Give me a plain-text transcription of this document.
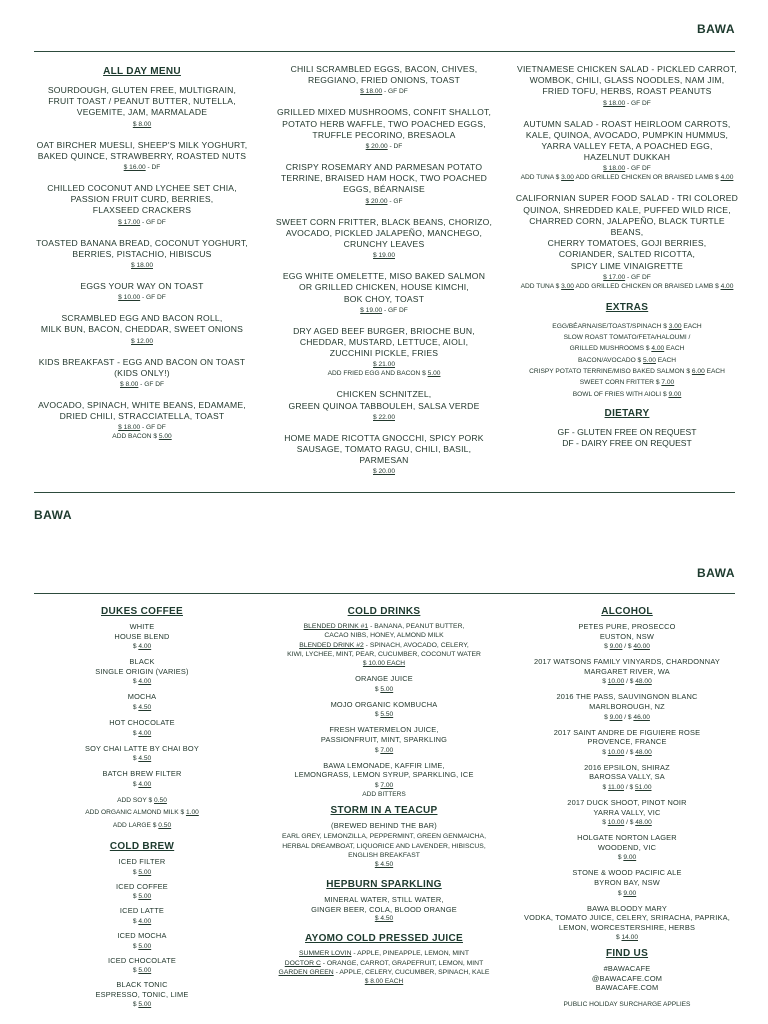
BAWA
ALL DAY MENU
SOURDOUGH, GLUTEN FREE, MULTIGRAIN,
FRUIT TOAST / PEANUT BUTTER, NUTELLA,
VEGEMITE, JAM, MARMALADE
$ 8.00
OAT BIRCHER MUESLI, SHEEP'S MILK YOGHURT,
BAKED QUINCE, STRAWBERRY, ROASTED NUTS
$ 16.00 - DF
CHILLED COCONUT AND LYCHEE SET CHIA,
PASSION FRUIT CURD, BERRIES,
FLAXSEED CRACKERS
$ 17.00 - GF DF
TOASTED BANANA BREAD, COCONUT YOGHURT,
BERRIES, PISTACHIO, HIBISCUS
$ 18.00
EGGS YOUR WAY ON TOAST
$ 10.00 - GF DF
SCRAMBLED EGG AND BACON ROLL,
MILK BUN, BACON, CHEDDAR, SWEET ONIONS
$ 12.00
KIDS BREAKFAST - EGG AND BACON ON TOAST
(KIDS ONLY!)
$ 8.00 - GF DF
AVOCADO, SPINACH, WHITE BEANS, EDAMAME,
DRIED CHILI, STRACCIATELLA, TOAST
$ 18.00 - GF DF
ADD BACON $ 5.00
CHILI SCRAMBLED EGGS, BACON, CHIVES,
REGGIANO, FRIED ONIONS, TOAST
$ 18.00 - GF DF
GRILLED MIXED MUSHROOMS, CONFIT SHALLOT,
POTATO HERB WAFFLE, TWO POACHED EGGS,
TRUFFLE PECORINO, BRESAOLA
$ 20.00 - DF
CRISPY ROSEMARY AND PARMESAN POTATO
TERRINE, BRAISED HAM HOCK, TWO POACHED
EGGS, BÉARNAISE
$ 20.00 - GF
SWEET CORN FRITTER, BLACK BEANS, CHORIZO,
AVOCADO, PICKLED JALAPEÑO, MANCHEGO,
CRUNCHY LEAVES
$ 19.00
EGG WHITE OMELETTE, MISO BAKED SALMON
OR GRILLED CHICKEN, HOUSE KIMCHI,
BOK CHOY, TOAST
$ 19.00 - GF DF
DRY AGED BEEF BURGER, BRIOCHE BUN,
CHEDDAR, MUSTARD, LETTUCE, AIOLI,
ZUCCHINI PICKLE, FRIES
$ 21.00
ADD FRIED EGG AND BACON $ 5.00
CHICKEN SCHNITZEL,
GREEN QUINOA TABBOULEH, SALSA VERDE
$ 22.00
HOME MADE RICOTTA GNOCCHI, SPICY PORK
SAUSAGE, TOMATO RAGU, CHILI, BASIL, PARMESAN
$ 20.00
VIETNAMESE CHICKEN SALAD - PICKLED CARROT,
WOMBOK, CHILI, GLASS NOODLES, NAM JIM,
FRIED TOFU, HERBS, ROAST PEANUTS
$ 18.00 - GF DF
AUTUMN SALAD - ROAST HEIRLOOM CARROTS,
KALE, QUINOA, AVOCADO, PUMPKIN HUMMUS,
YARRA VALLEY FETA, A POACHED EGG,
HAZELNUT DUKKAH
$ 18.00 - GF DF
ADD TUNA $ 3.00 ADD GRILLED CHICKEN OR BRAISED LAMB $ 4.00
CALIFORNIAN SUPER FOOD SALAD - TRI COLORED
QUINOA, SHREDDED KALE, PUFFED WILD RICE,
CHARRED CORN, JALAPEÑO, BLACK TURTLE BEANS,
CHERRY TOMATOES, GOJI BERRIES,
CORIANDER, SALTED RICOTTA,
SPICY LIME VINAIGRETTE
$ 17.00 - GF DF
ADD TUNA $ 3.00 ADD GRILLED CHICKEN OR BRAISED LAMB $ 4.00
EXTRAS
EGG/BÉARNAISE/TOAST/SPINACH $ 3.00 EACH
SLOW ROAST TOMATO/FETA/HALOUMI /
GRILLED MUSHROOMS $ 4.00 EACH
BACON/AVOCADO $ 5.00 EACH
CRISPY POTATO TERRINE/MISO BAKED SALMON $ 6.00 EACH
SWEET CORN FRITTER $ 7.00
BOWL OF FRIES WITH AIOLI $ 9.00
DIETARY
GF - GLUTEN FREE ON REQUEST
DF - DAIRY FREE ON REQUEST
BAWA
BAWA
DUKES COFFEE
WHITE
HOUSE BLEND
$ 4.00
BLACK
SINGLE ORIGIN (VARIES)
$ 4.00
MOCHA
$ 4.50
HOT CHOCOLATE
$ 4.00
SOY CHAI LATTE BY CHAI BOY
$ 4.50
BATCH BREW FILTER
$ 4.00
ADD SOY $ 0.50
ADD ORGANIC ALMOND MILK $ 1.00
ADD LARGE $ 0.50
COLD BREW
ICED FILTER
$ 5.00
ICED COFFEE
$ 5.00
ICED LATTE
$ 4.00
ICED MOCHA
$ 5.00
ICED CHOCOLATE
$ 5.00
BLACK TONIC
ESPRESSO, TONIC, LIME
$ 5.00
COLD DRINKS
BLENDED DRINK #1 - BANANA, PEANUT BUTTER,
CACAO NIBS, HONEY, ALMOND MILK
BLENDED DRINK #2 - SPINACH, AVOCADO, CELERY,
KIWI, LYCHEE, MINT, PEAR, CUCUMBER, COCONUT WATER
$ 10.00 EACH
ORANGE JUICE
$ 5.00
MOJO ORGANIC KOMBUCHA
$ 5.50
FRESH WATERMELON JUICE,
PASSIONFRUIT, MINT, SPARKLING
$ 7.00
BAWA LEMONADE, KAFFIR LIME,
LEMONGRASS, LEMON SYRUP, SPARKLING, ICE
$ 7.00
ADD BITTERS
STORM IN A TEACUP
(BREWED BEHIND THE BAR)
EARL GREY, LEMONZILLA, PEPPERMINT, GREEN GENMAICHA,
HERBAL DREAMBOAT, LIQUORICE AND LAVENDER, HIBISCUS,
ENGLISH BREAKFAST
$ 4.50
HEPBURN SPARKLING
MINERAL WATER, STILL WATER,
GINGER BEER, COLA, BLOOD ORANGE
$ 4.50
AYOMO COLD PRESSED JUICE
SUMMER LOVIN - APPLE, PINEAPPLE, LEMON, MINT
DOCTOR C - ORANGE, CARROT, GRAPEFRUIT, LEMON, MINT
GARDEN GREEN - APPLE, CELERY, CUCUMBER, SPINACH, KALE
$ 8.00 EACH
ALCOHOL
PETES PURE, PROSECCO
EUSTON, NSW
$ 9.00 / $ 40.00
2017 WATSONS FAMILY VINYARDS, CHARDONNAY
MARGARET RIVER, WA
$ 10.00 / $ 48.00
2016 THE PASS, SAUVINGNON BLANC
MARLBOROUGH, NZ
$ 9.00 / $ 46.00
2017 SAINT ANDRE DE FIGUIERE ROSE
PROVENCE, FRANCE
$ 10.00 / $ 48.00
2016 EPSILON, SHIRAZ
BAROSSA VALLY, SA
$ 11.00 / $ 51.00
2017 DUCK SHOOT, PINOT NOIR
YARRA VALLY, VIC
$ 10.00 / $ 48.00
HOLGATE NORTON LAGER
WOODEND, VIC
$ 9.00
STONE & WOOD PACIFIC ALE
BYRON BAY, NSW
$ 9.00
BAWA BLOODY MARY
VODKA, TOMATO JUICE, CELERY, SRIRACHA, PAPRIKA,
LEMON, WORCESTERSHIRE, HERBS
$ 14.00
FIND US
#BAWACAFE
@BAWACAFE.COM
BAWACAFE.COM
PUBLIC HOLIDAY SURCHARGE APPLIES
